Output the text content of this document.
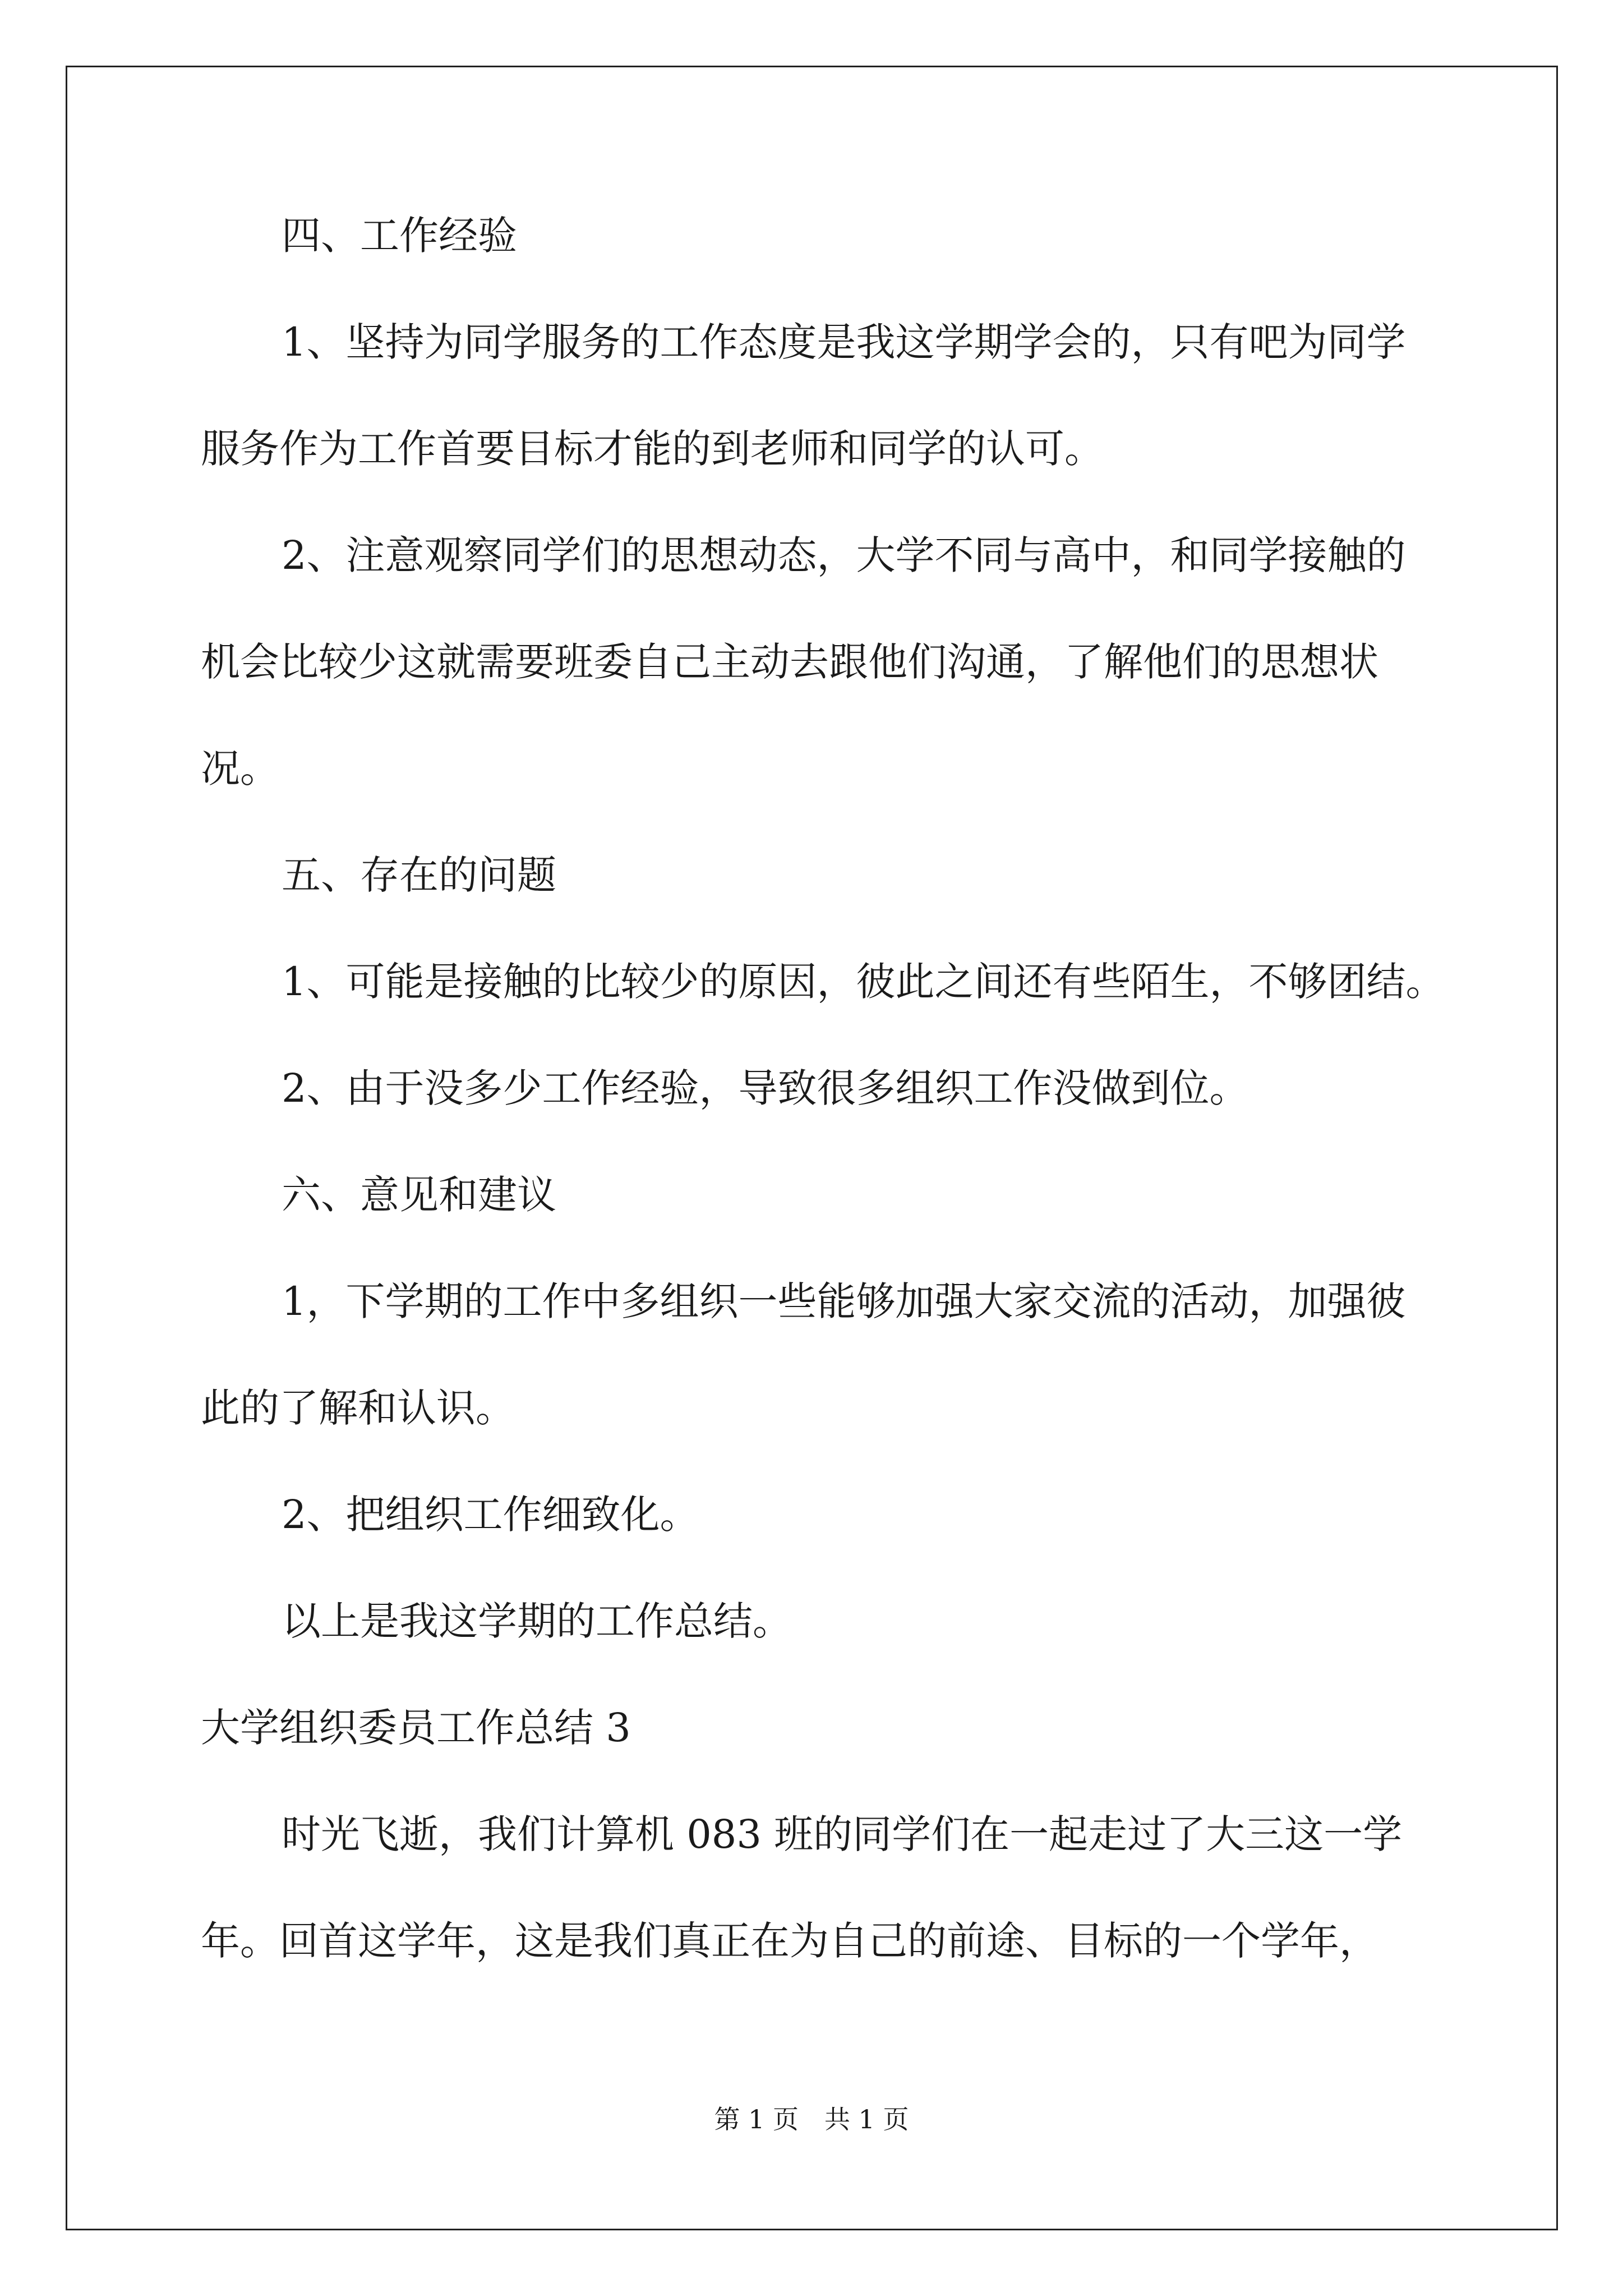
四、工作经验
1、坚持为同学服务的工作态度是我这学期学会的，只有吧为同学
服务作为工作首要目标才能的到老师和同学的认可。
2、注意观察同学们的思想动态，大学不同与高中，和同学接触的
机会比较少这就需要班委自己主动去跟他们沟通，了解他们的思想状
况。
五、存在的问题
1、可能是接触的比较少的原因，彼此之间还有些陌生，不够团结。
2、由于没多少工作经验，导致很多组织工作没做到位。
六、意见和建议
1，下学期的工作中多组织一些能够加强大家交流的活动，加强彼
此的了解和认识。
2、把组织工作细致化。
以上是我这学期的工作总结。
大学组织委员工作总结 3
时光飞逝，我们计算机 083 班的同学们在一起走过了大三这一学
年。回首这学年，这是我们真正在为自己的前途、目标的一个学年，
第 1 页　共 1 页
